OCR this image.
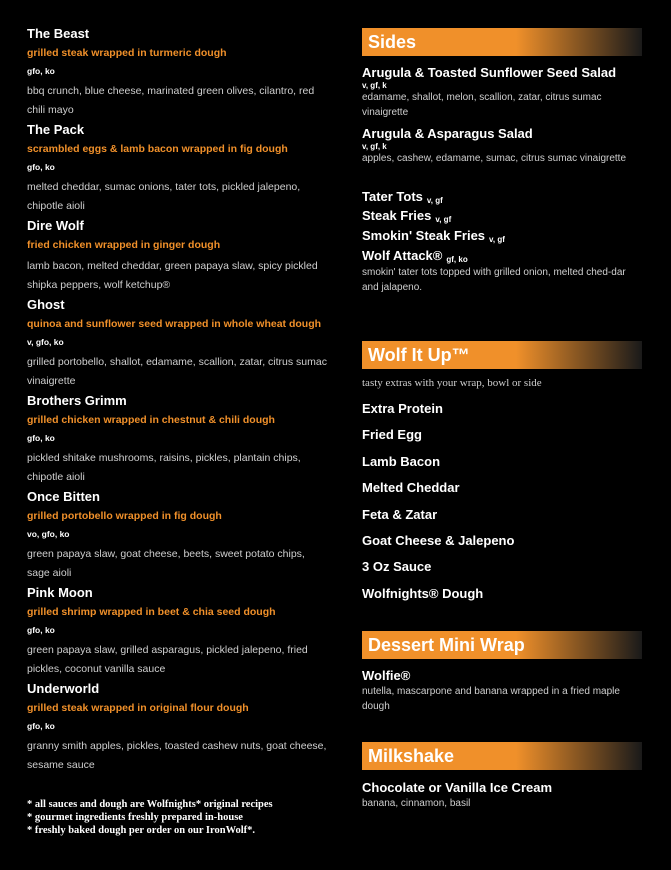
The Beast
grilled steak wrapped in turmeric dough
gfo, ko
bbq crunch, blue cheese, marinated green olives, cilantro, red chili mayo
The Pack
scrambled eggs & lamb bacon wrapped in fig dough
gfo, ko
melted cheddar, sumac onions, tater tots, pickled jalepeno, chipotle aioli
Dire Wolf
fried chicken wrapped in ginger dough
lamb bacon, melted cheddar, green papaya slaw, spicy pickled shipka peppers, wolf ketchup®
Ghost
quinoa and sunflower seed wrapped in whole wheat dough
v, gfo, ko
grilled portobello, shallot, edamame, scallion, zatar, citrus sumac vinaigrette
Brothers Grimm
grilled chicken wrapped in chestnut & chili dough
gfo, ko
pickled shitake mushrooms, raisins, pickles, plantain chips, chipotle aioli
Once Bitten
grilled portobello wrapped in fig dough
vo, gfo, ko
green papaya slaw, goat cheese, beets, sweet potato chips, sage aioli
Pink Moon
grilled shrimp wrapped in beet & chia seed dough
gfo, ko
green papaya slaw, grilled asparagus, pickled jalepeno, fried pickles, coconut vanilla sauce
Underworld
grilled steak wrapped in original flour dough
gfo, ko
granny smith apples, pickles, toasted cashew nuts, goat cheese, sesame sauce
* all sauces and dough are Wolfnights* original recipes
* gourmet ingredients freshly prepared in-house
* freshly baked dough per order on our IronWolf*.
Sides
Arugula & Toasted Sunflower Seed Salad
v, gf, k
edamame, shallot, melon, scallion, zatar, citrus sumac vinaigrette
Arugula & Asparagus Salad
v, gf, k
apples, cashew, edamame, sumac, citrus sumac vinaigrette
Tater Tots v, gf
Steak Fries v, gf
Smokin' Steak Fries v, gf
Wolf Attack® gf, ko
smokin' tater tots topped with grilled onion, melted ched-dar and jalapeno.
Wolf It Up™
tasty extras with your wrap, bowl or side
Extra Protein
Fried Egg
Lamb Bacon
Melted Cheddar
Feta & Zatar
Goat Cheese & Jalepeno
3 Oz Sauce
Wolfnights® Dough
Dessert Mini Wrap
Wolfie®
nutella, mascarpone and banana wrapped in a fried maple dough
Milkshake
Chocolate or Vanilla Ice Cream
banana, cinnamon, basil
